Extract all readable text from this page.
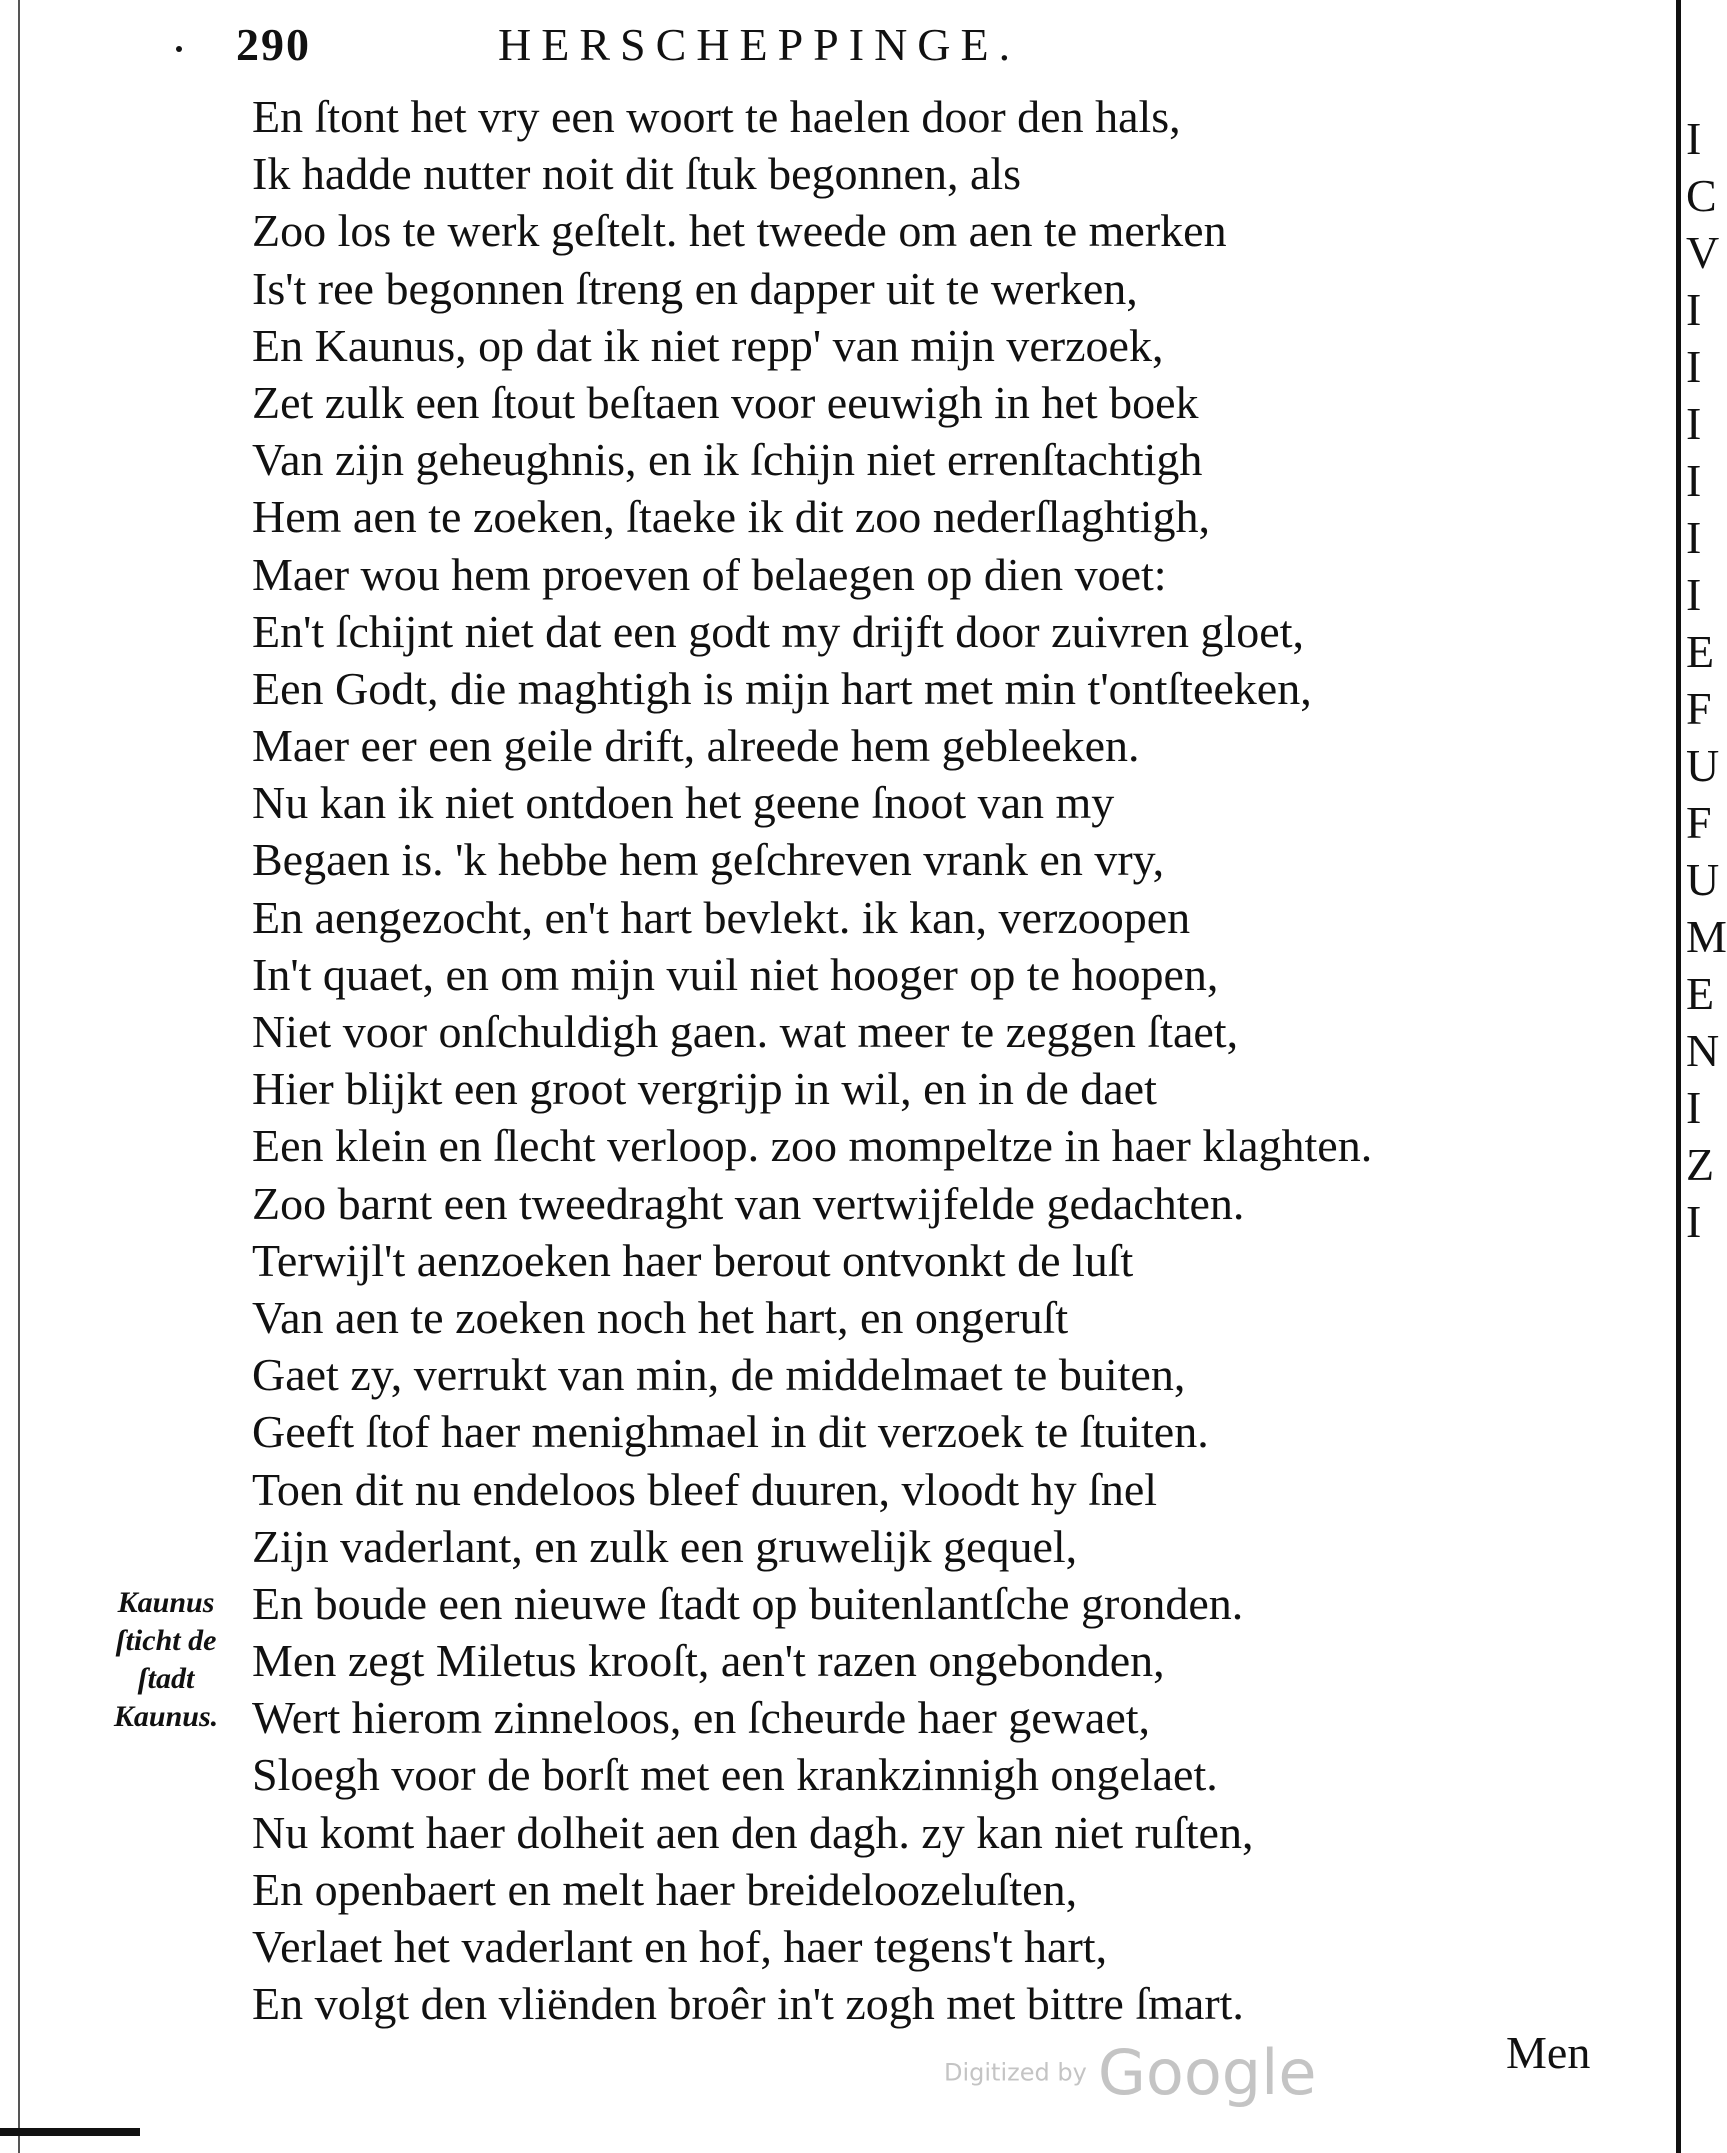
I
C
V
I
I
I
I
I
I
E
F
U
F
U
M
E
N
I
Z
I
290	HERSCHEPPINGE.
En ſtont het vry een woort te haelen door den hals,
Ik hadde nutter noit dit ſtuk begonnen, als
Zoo los te werk geſtelt. het tweede om aen te merken
Is't ree begonnen ſtreng en dapper uit te werken,
En Kaunus, op dat ik niet repp' van mijn verzoek,
Zet zulk een ſtout beſtaen voor eeuwigh in het boek
Van zijn geheughnis, en ik ſchijn niet errenſtachtigh
Hem aen te zoeken, ſtaeke ik dit zoo nederſlaghtigh,
Maer wou hem proeven of belaegen op dien voet:
En't ſchijnt niet dat een godt my drijft door zuivren gloet,
Een Godt, die maghtigh is mijn hart met min t'ontſteeken,
Maer eer een geile drift, alreede hem gebleeken.
Nu kan ik niet ontdoen het geene ſnoot van my
Begaen is. 'k hebbe hem geſchreven vrank en vry,
En aengezocht, en't hart bevlekt. ik kan, verzoopen
In't quaet, en om mijn vuil niet hooger op te hoopen,
Niet voor onſchuldigh gaen. wat meer te zeggen ſtaet,
Hier blijkt een groot vergrijp in wil, en in de daet
Een klein en ſlecht verloop. zoo mompeltze in haer klaghten.
Zoo barnt een tweedraght van vertwijfelde gedachten.
Terwijl't aenzoeken haer berout ontvonkt de luſt
Van aen te zoeken noch het hart, en ongeruſt
Gaet zy, verrukt van min, de middelmaet te buiten,
Geeft ſtof haer menighmael in dit verzoek te ſtuiten.
Toen dit nu endeloos bleef duuren, vloodt hy ſnel
Zijn vaderlant, en zulk een gruwelijk gequel,
En boude een nieuwe ſtadt op buitenlantſche gronden.
Men zegt Miletus krooſt, aen't razen ongebonden,
Wert hierom zinneloos, en ſcheurde haer gewaet,
Sloegh voor de borſt met een krankzinnigh ongelaet.
Nu komt haer dolheit aen den dagh. zy kan niet ruſten,
En openbaert en melt haer breideloozeluſten,
Verlaet het vaderlant en hof, haer tegens't hart,
En volgt den vliënden broêr in't zogh met bittre ſmart.
Kaunus
ſticht de
ſtadt
Kaunus.
Digitized by Google	Men
